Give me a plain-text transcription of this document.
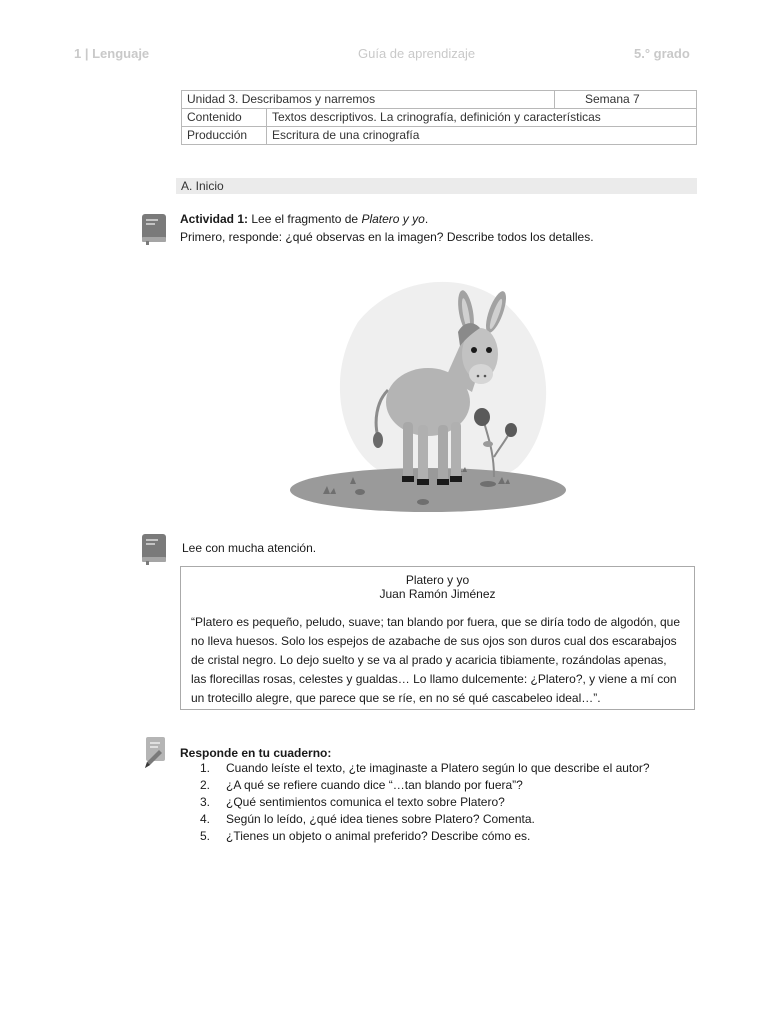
1 | Lenguaje	Guía de aprendizaje	5.° grado
Unidad 3. Describamos y narremos		Semana 7
Contenido	Textos descriptivos. La crinografía, definición y características	
Producción	Escritura de una crinografía	
A. Inicio
Actividad 1: Lee el fragmento de Platero y yo.
Primero, responde: ¿qué observas en la imagen? Describe todos los detalles.
Lee con mucha atención.
Platero y yo
Juan Ramón Jiménez
“Platero es pequeño, peludo, suave; tan blando por fuera, que se diría todo de algodón, que no lleva huesos. Solo los espejos de azabache de sus ojos son duros cual dos escarabajos de cristal negro. Lo dejo suelto y se va al prado y acaricia tibiamente, rozándolas apenas, las florecillas rosas, celestes y gualdas… Lo llamo dulcemente: ¿Platero?, y viene a mí con un trotecillo alegre, que parece que se ríe, en no sé qué cascabeleo ideal…”.
Responde en tu cuaderno:
1. Cuando leíste el texto, ¿te imaginaste a Platero según lo que describe el autor?
2. ¿A qué se refiere cuando dice “…tan blando por fuera”?
3. ¿Qué sentimientos comunica el texto sobre Platero?
4. Según lo leído, ¿qué idea tienes sobre Platero? Comenta.
5. ¿Tienes un objeto o animal preferido? Describe cómo es.
